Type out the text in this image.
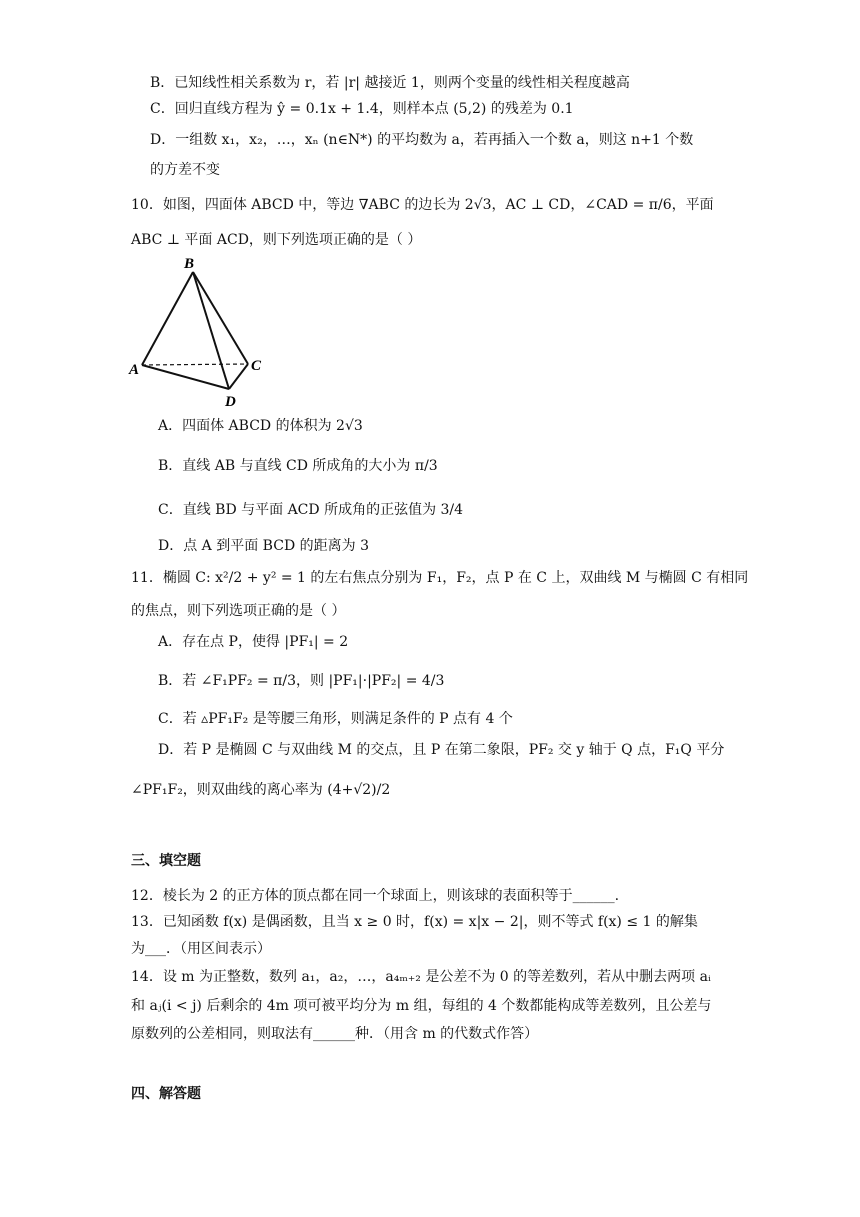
B．已知线性相关系数为 r，若 |r| 越接近 1，则两个变量的线性相关程度越高
C．回归直线方程为 ŷ = 0.1x + 1.4，则样本点 (5,2) 的残差为 0.1
D．一组数 x₁，x₂，…，xₙ (n∈N*) 的平均数为 a，若再插入一个数 a，则这 n+1 个数
的方差不变
10．如图，四面体 ABCD 中，等边 ∇ABC 的边长为 2√3，AC ⊥ CD，∠CAD = π/6，平面
ABC ⊥ 平面 ACD，则下列选项正确的是（ ）
B
A	C
D
A．四面体 ABCD 的体积为 2√3
B．直线 AB 与直线 CD 所成角的大小为 π/3
C．直线 BD 与平面 ACD 所成角的正弦值为 3/4
D．点 A 到平面 BCD 的距离为 3
11．椭圆 C: x²/2 + y² = 1 的左右焦点分别为 F₁，F₂，点 P 在 C 上，双曲线 M 与椭圆 C 有相同
的焦点，则下列选项正确的是（ ）
A．存在点 P，使得 |PF₁| = 2
B．若 ∠F₁PF₂ = π/3，则 |PF₁|·|PF₂| = 4/3
C．若 ▵PF₁F₂ 是等腰三角形，则满足条件的 P 点有 4 个
D．若 P 是椭圆 C 与双曲线 M 的交点，且 P 在第二象限，PF₂ 交 y 轴于 Q 点，F₁Q 平分
∠PF₁F₂，则双曲线的离心率为 (4+√2)/2
三、填空题
12．棱长为 2 的正方体的顶点都在同一个球面上，则该球的表面积等于______.
13．已知函数 f(x) 是偶函数，且当 x ≥ 0 时，f(x) = x|x − 2|，则不等式 f(x) ≤ 1 的解集
为___．（用区间表示）
14．设 m 为正整数，数列 a₁，a₂，…，a₄ₘ₊₂ 是公差不为 0 的等差数列，若从中删去两项 aᵢ
和 aⱼ(i < j) 后剩余的 4m 项可被平均分为 m 组，每组的 4 个数都能构成等差数列，且公差与
原数列的公差相同，则取法有______种．（用含 m 的代数式作答）
四、解答题
